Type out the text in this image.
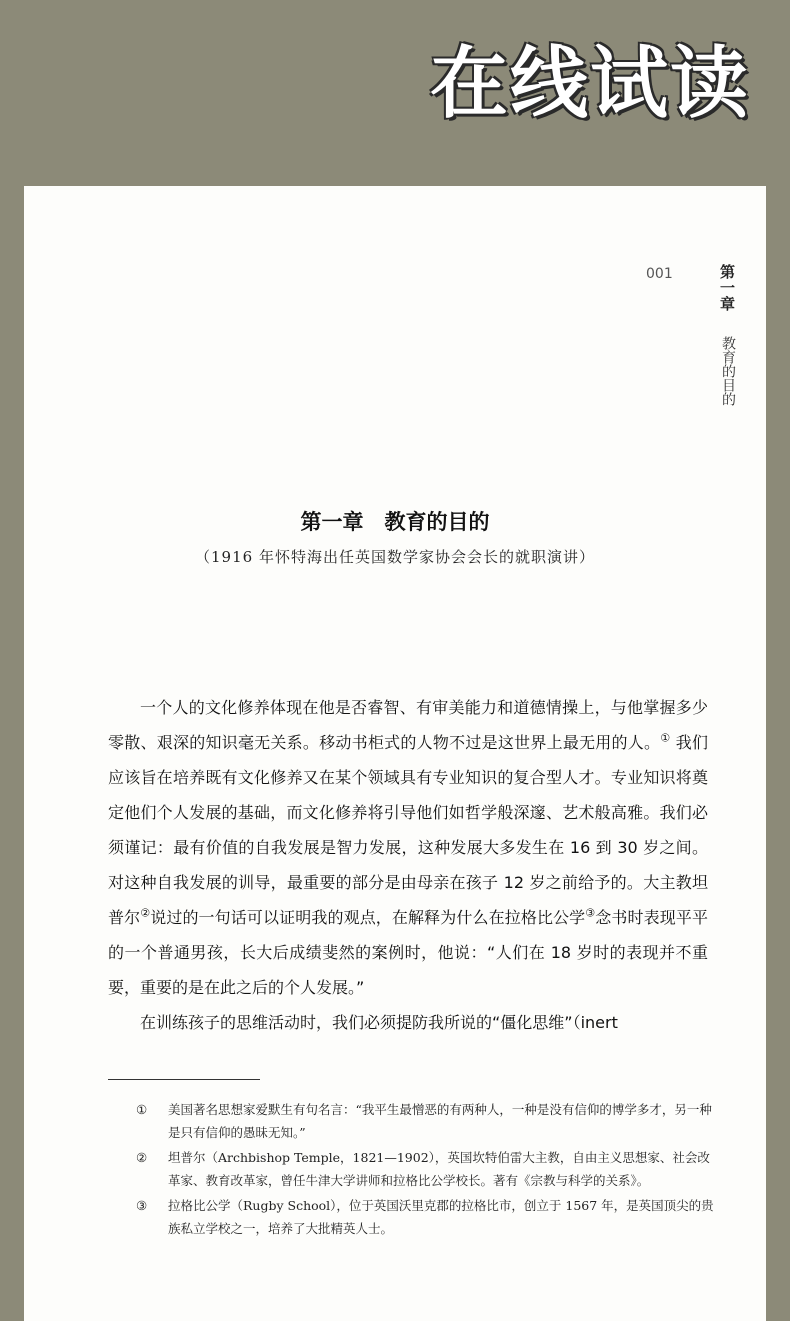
在线试读
001	第一章
教育的目的
第一章　教育的目的
（1916 年怀特海出任英国数学家协会会长的就职演讲）

一个人的文化修养体现在他是否睿智、有审美能力和道德情操上，与他掌握多少零散、艰深的知识毫无关系。移动书柜式的人物不过是这世界上最无用的人。① 我们应该旨在培养既有文化修养又在某个领域具有专业知识的复合型人才。专业知识将奠定他们个人发展的基础，而文化修养将引导他们如哲学般深邃、艺术般高雅。我们必须谨记：最有价值的自我发展是智力发展，这种发展大多发生在 16 到 30 岁之间。对这种自我发展的训导，最重要的部分是由母亲在孩子 12 岁之前给予的。大主教坦普尔②说过的一句话可以证明我的观点，在解释为什么在拉格比公学③念书时表现平平的一个普通男孩，长大后成绩斐然的案例时，他说：“人们在 18 岁时的表现并不重要，重要的是在此之后的个人发展。”

在训练孩子的思维活动时，我们必须提防我所说的“僵化思维”（inert

① 美国著名思想家爱默生有句名言：“我平生最憎恶的有两种人，一种是没有信仰的博学多才，另一种是只有信仰的愚昧无知。”
② 坦普尔（Archbishop Temple，1821—1902），英国坎特伯雷大主教，自由主义思想家、社会改革家、教育改革家，曾任牛津大学讲师和拉格比公学校长。著有《宗教与科学的关系》。
③ 拉格比公学（Rugby School），位于英国沃里克郡的拉格比市，创立于 1567 年，是英国顶尖的贵族私立学校之一，培养了大批精英人士。
